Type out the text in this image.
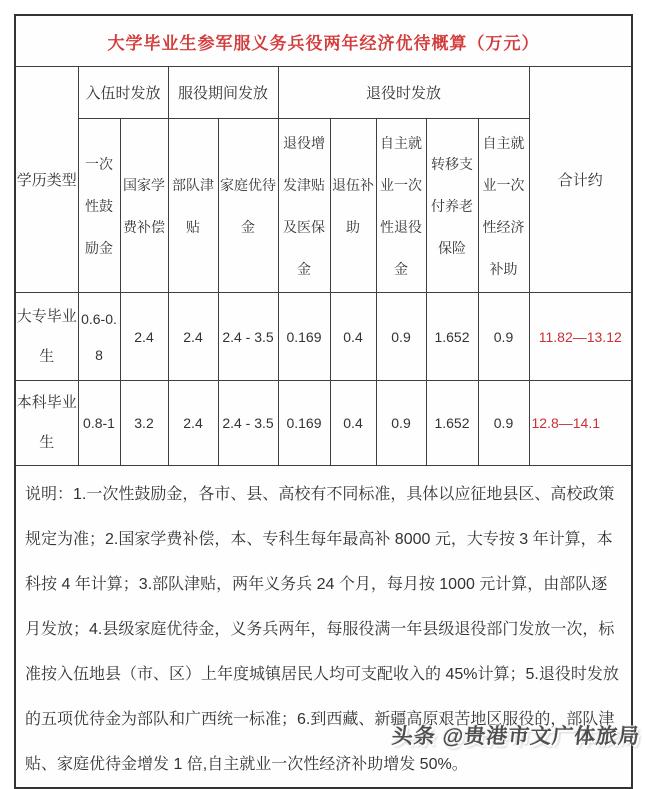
大学毕业生参军服义务兵役两年经济优待概算（万元）										
学历类型	入伍时发放		服役期间发放		退役时发放					合计约
	一次性鼓励金	国家学费补偿	部队津贴	家庭优待金	退役增发津贴及医保金	退伍补助	自主就业一次性退役金	转移支付养老保险	自主就业一次性经济补助	
大专毕业生	0.6-0.8	2.4	2.4	2.4 - 3.5	0.169	0.4	0.9	1.652	0.9	11.82—13.12
本科毕业生	0.8-1	3.2	2.4	2.4 - 3.5	0.169	0.4	0.9	1.652	0.9	12.8—14.1
说明：1.一次性鼓励金，各市、县、高校有不同标准，具体以应征地县区、高校政策规定为准；2.国家学费补偿，本、专科生每年最高补 8000 元，大专按 3 年计算，本科按 4 年计算；3.部队津贴，两年义务兵 24 个月，每月按 1000 元计算，由部队逐月发放；4.县级家庭优待金，义务兵两年，每服役满一年县级退役部门发放一次，标准按入伍地县（市、区）上年度城镇居民人均可支配收入的 45%计算；5.退役时发放的五项优待金为部队和广西统一标准；6.到西藏、新疆高原艰苦地区服役的，部队津贴、家庭优待金增发 1 倍,自主就业一次性经济补助增发 50%。										
头条 @贵港市文广体旅局
